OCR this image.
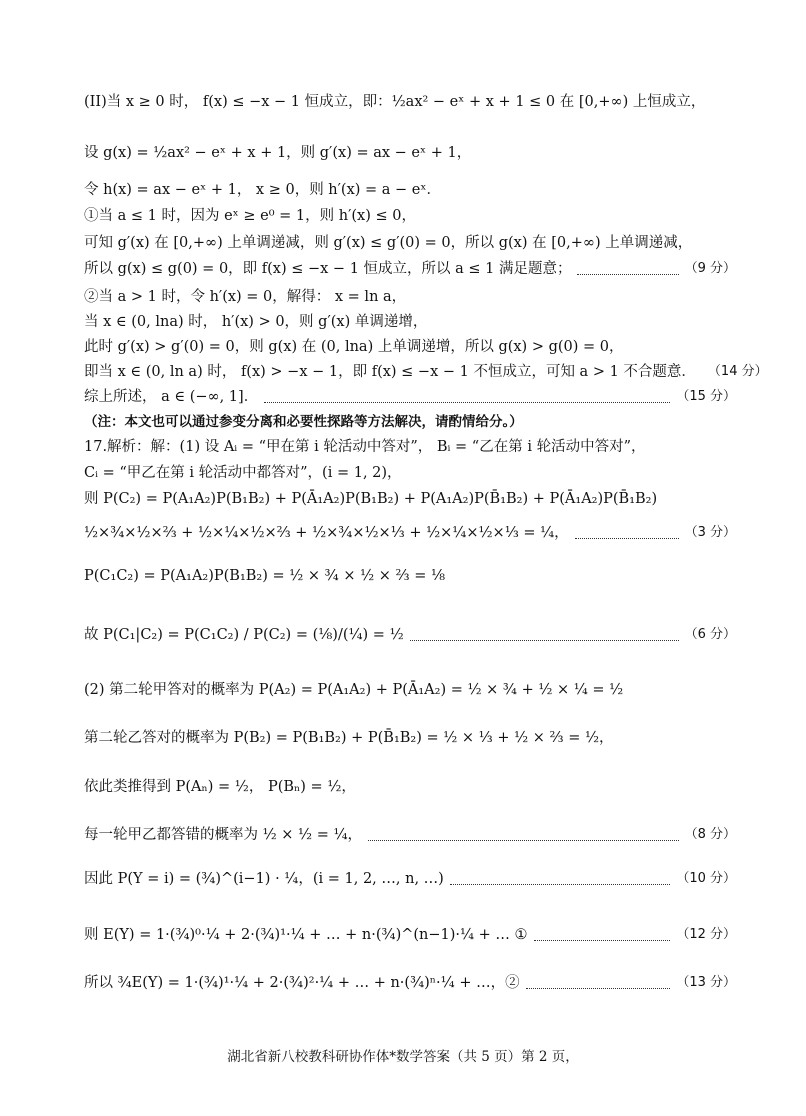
(II)当 x ≥ 0 时， f(x) ≤ −x − 1 恒成立，即：½ax² − eˣ + x + 1 ≤ 0 在 [0,+∞) 上恒成立，
设 g(x) = ½ax² − eˣ + x + 1，则 g′(x) = ax − eˣ + 1，
令 h(x) = ax − eˣ + 1， x ≥ 0，则 h′(x) = a − eˣ．
①当 a ≤ 1 时，因为 eˣ ≥ e⁰ = 1，则 h′(x) ≤ 0，
可知 g′(x) 在 [0,+∞) 上单调递减，则 g′(x) ≤ g′(0) = 0，所以 g(x) 在 [0,+∞) 上单调递减，
所以 g(x) ≤ g(0) = 0，即 f(x) ≤ −x − 1 恒成立，所以 a ≤ 1 满足题意；	（9 分）
②当 a > 1 时，令 h′(x) = 0，解得： x = ln a，
当 x ∈ (0, lna) 时， h′(x) > 0，则 g′(x) 单调递增，
此时 g′(x) > g′(0) = 0，则 g(x) 在 (0, lna) 上单调递增，所以 g(x) > g(0) = 0，
即当 x ∈ (0, ln a) 时， f(x) > −x − 1，即 f(x) ≤ −x − 1 不恒成立，可知 a > 1 不合题意． （14 分）
综上所述， a ∈ (−∞, 1]．	（15 分）
（注：本文也可以通过参变分离和必要性探路等方法解决，请酌情给分。）
17.解析：解：(1) 设 Aᵢ = “甲在第 i 轮活动中答对”， Bᵢ = “乙在第 i 轮活动中答对”，
Cᵢ = “甲乙在第 i 轮活动中都答对”，(i = 1, 2)，
则 P(C₂) = P(A₁A₂)P(B₁B₂) + P(Ā₁A₂)P(B₁B₂) + P(A₁A₂)P(B̄₁B₂) + P(Ā₁A₂)P(B̄₁B₂)
½×¾×½×⅔ + ½×¼×½×⅔ + ½×¾×½×⅓ + ½×¼×½×⅓ = ¼，	（3 分）
P(C₁C₂) = P(A₁A₂)P(B₁B₂) = ½ × ¾ × ½ × ⅔ = ⅛
故 P(C₁|C₂) = P(C₁C₂) / P(C₂) = (⅛)/(¼) = ½	（6 分）
(2) 第二轮甲答对的概率为 P(A₂) = P(A₁A₂) + P(Ā₁A₂) = ½ × ¾ + ½ × ¼ = ½
第二轮乙答对的概率为 P(B₂) = P(B₁B₂) + P(B̄₁B₂) = ½ × ⅓ + ½ × ⅔ = ½，
依此类推得到 P(Aₙ) = ½， P(Bₙ) = ½，
每一轮甲乙都答错的概率为 ½ × ½ = ¼，	（8 分）
因此 P(Y = i) = (¾)^(i−1) · ¼，(i = 1, 2, …, n, …)	（10 分）
则 E(Y) = 1·(¾)⁰·¼ + 2·(¾)¹·¼ + … + n·(¾)^(n−1)·¼ + … ①	（12 分）
所以 ¾E(Y) = 1·(¾)¹·¼ + 2·(¾)²·¼ + … + n·(¾)ⁿ·¼ + …，②	（13 分）
湖北省新八校教科研协作体*数学答案（共 5 页）第 2 页，
